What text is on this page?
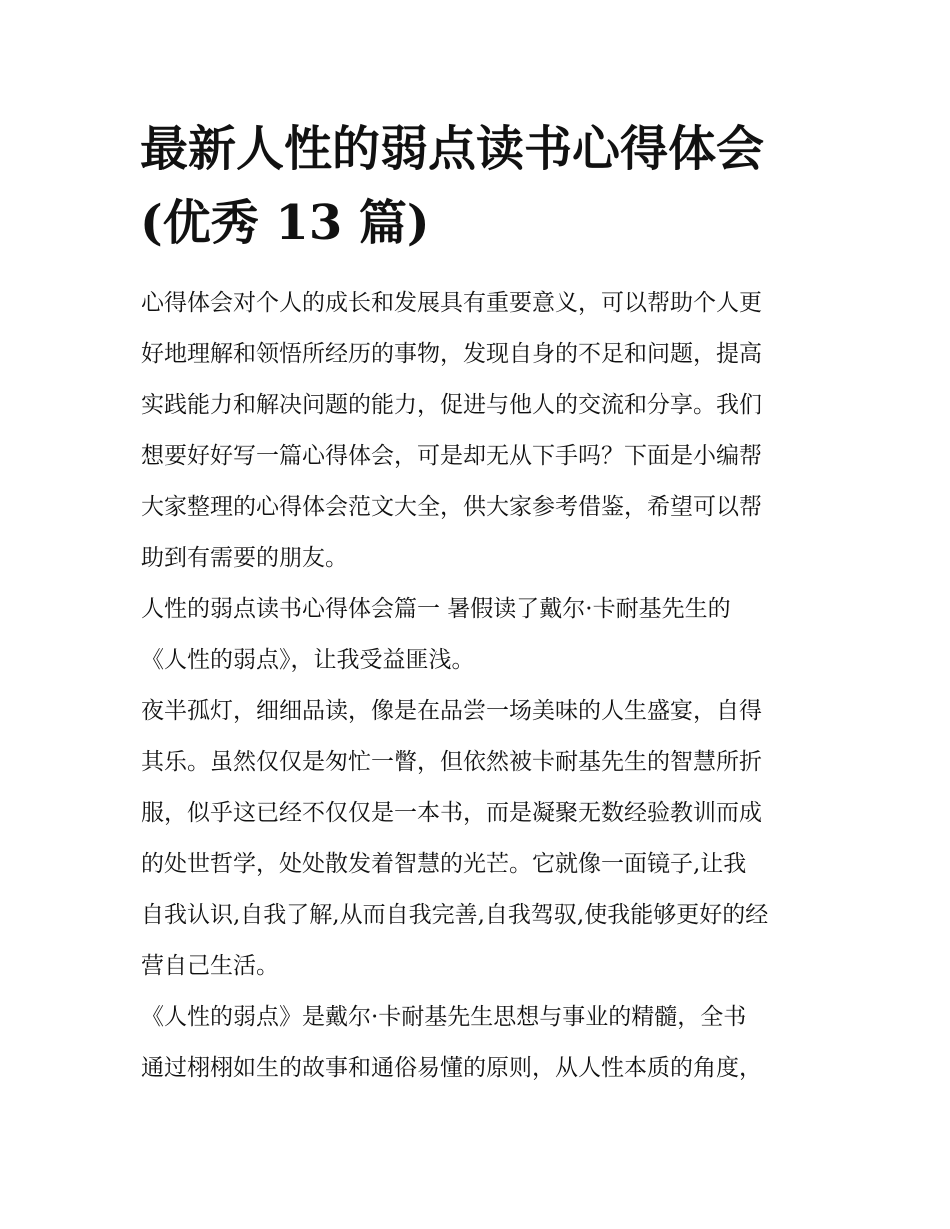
最新人性的弱点读书心得体会
(优秀 13 篇)
心得体会对个人的成长和发展具有重要意义，可以帮助个人更
好地理解和领悟所经历的事物，发现自身的不足和问题，提高
实践能力和解决问题的能力，促进与他人的交流和分享。我们
想要好好写一篇心得体会，可是却无从下手吗？下面是小编帮
大家整理的心得体会范文大全，供大家参考借鉴，希望可以帮
助到有需要的朋友。
人性的弱点读书心得体会篇一 暑假读了戴尔·卡耐基先生的
《人性的弱点》，让我受益匪浅。
夜半孤灯，细细品读，像是在品尝一场美味的人生盛宴，自得
其乐。虽然仅仅是匆忙一瞥，但依然被卡耐基先生的智慧所折
服，似乎这已经不仅仅是一本书，而是凝聚无数经验教训而成
的处世哲学，处处散发着智慧的光芒。它就像一面镜子,让我
自我认识,自我了解,从而自我完善,自我驾驭,使我能够更好的经
营自己生活。
《人性的弱点》是戴尔·卡耐基先生思想与事业的精髓，全书
通过栩栩如生的故事和通俗易懂的原则，从人性本质的角度，
